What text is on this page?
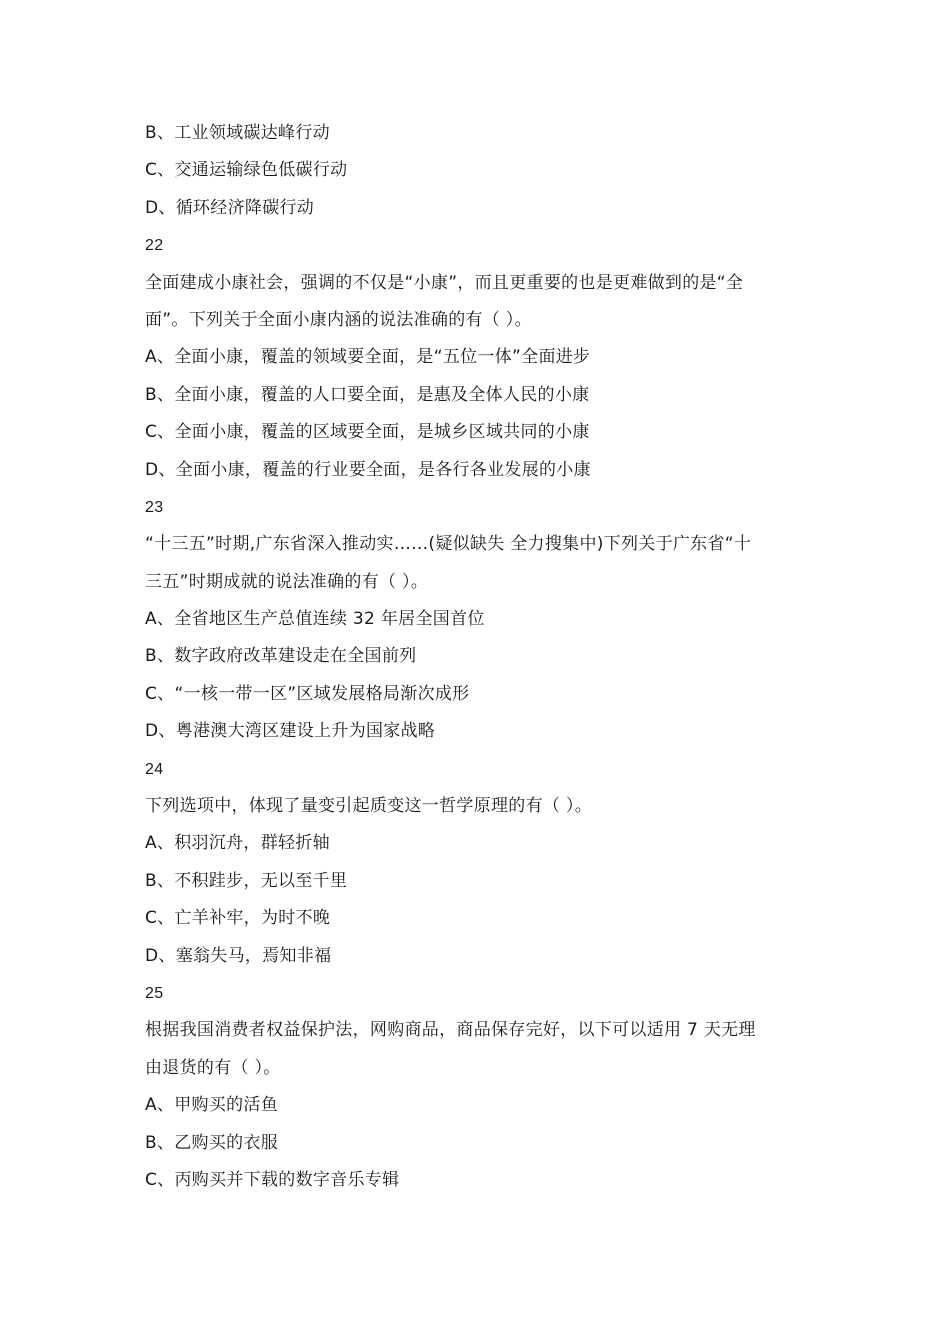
B、工业领域碳达峰行动
C、交通运输绿色低碳行动
D、循环经济降碳行动
22
全面建成小康社会，强调的不仅是“小康”，而且更重要的也是更难做到的是“全
面”。下列关于全面小康内涵的说法准确的有（ ）。
A、全面小康，覆盖的领域要全面，是“五位一体”全面进步
B、全面小康，覆盖的人口要全面，是惠及全体人民的小康
C、全面小康，覆盖的区域要全面，是城乡区域共同的小康
D、全面小康，覆盖的行业要全面，是各行各业发展的小康
23
“十三五”时期,广东省深入推动实……(疑似缺失 全力搜集中)下列关于广东省“十
三五”时期成就的说法准确的有（ ）。
A、全省地区生产总值连续 32 年居全国首位
B、数字政府改革建设走在全国前列
C、“一核一带一区”区域发展格局渐次成形
D、粤港澳大湾区建设上升为国家战略
24
下列选项中，体现了量变引起质变这一哲学原理的有（ ）。
A、积羽沉舟，群轻折轴
B、不积跬步，无以至千里
C、亡羊补牢，为时不晚
D、塞翁失马，焉知非福
25
根据我国消费者权益保护法，网购商品，商品保存完好，以下可以适用 7 天无理
由退货的有（ ）。
A、甲购买的活鱼
B、乙购买的衣服
C、丙购买并下载的数字音乐专辑
